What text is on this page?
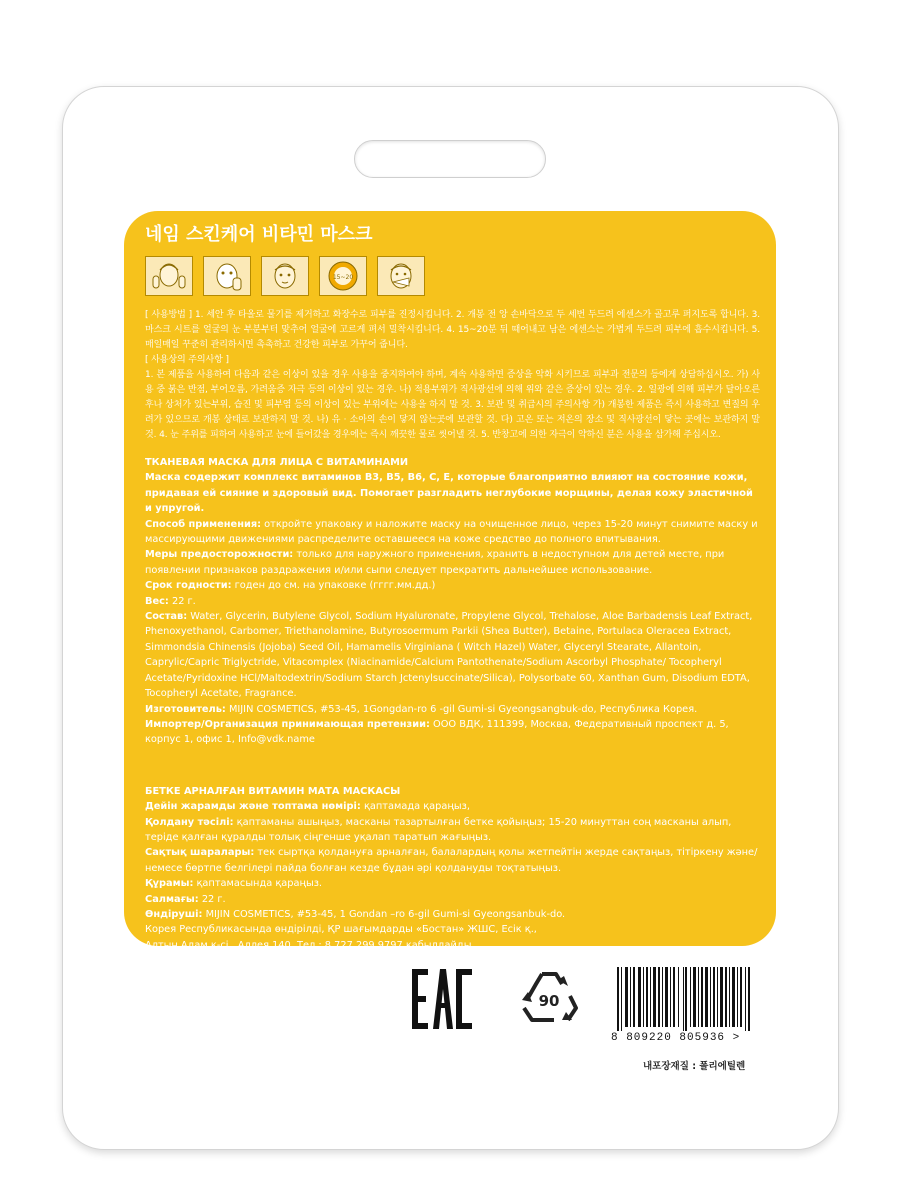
네임 스킨케어 비타민 마스크
15~20

[ 사용방법 ] 1. 세안 후 타올로 물기를 제거하고 화장수로 피부를 진정시킵니다. 2. 개봉 전 앙 손바닥으로 두 세번 두드려 에센스가 골고루 퍼지도록 합니다. 3. 마스크 시트를 얼굴의 눈 부분부터 맞추어 얼굴에 고르게 펴서 밀착시킵니다. 4. 15~20분 뒤 때어내고 남은 에센스는 가볍게 두드려 피부에 흡수시킵니다. 5. 매일매일 꾸준히 관리하시면 촉촉하고 건강한 피부로 가꾸어 줍니다.

[ 사용상의 주의사항 ]

1. 본 제품을 사용하여 다음과 같은 이상이 있을 경우 사용을 중지하여야 하며, 계속 사용하면 증상을 악화 시키므로 피부과 전문의 등에게 상담하십시오. 가) 사용 중 붉은 반점, 부어오름, 가려움증 자극 등의 이상이 있는 경우. 나) 적용부위가 직사광선에 의해 위와 같은 증상이 있는 경우. 2. 일광에 의해 피부가 달아오른 후나 상처가 있는부위, 습진 및 피부염 등의 이상이 있는 부위에는 사용을 하지 말 것. 3. 보관 및 취급시의 주의사항 가) 개봉한 제품은 즉시 사용하고 변질의 우려가 있으므로 개봉 상태로 보관하지 말 것. 나) 유 · 소아의 손이 닿지 않는곳에 보관할 것. 다) 고온 또는 저온의 장소 및 직사광선이 닿는 곳에는 보관하지 말 것. 4. 눈 주위를 피하여 사용하고 눈에 들어갔을 경우에는 즉시 깨끗한 물로 씻어낼 것. 5. 반창고에 의한 자극이 약하신 분은 사용을 삼가해 주십시오.

ТКАНЕВАЯ МАСКА ДЛЯ ЛИЦА С ВИТАМИНАМИ

Маска содержит комплекс витаминов В3, В5, В6, С, Е, которые благоприятно влияют на состояние кожи, придавая ей сияние и здоровый вид. Помогает разгладить неглубокие морщины, делая кожу эластичной и упругой.

Способ применения: откройте упаковку и наложите маску на очищенное лицо, через 15-20 минут снимите маску и массирующими движениями распределите оставшееся на коже средство до полного впитывания.

Меры предосторожности: только для наружного применения, хранить в недоступном для детей месте, при появлении признаков раздражения и/или сыпи следует прекратить дальнейшее использование.

Срок годности: годен до см. на упаковке (гггг.мм.дд.)

Вес: 22 г.

Состав: Water, Glycerin, Butylene Glycol, Sodium Hyaluronate, Propylene Glycol, Trehalose, Aloe Barbadensis Leaf Extract, Phenoxyethanol, Carbomer, Triethanolamine, Butyrosoermum Parkii (Shea Butter), Betaine, Portulaca Oleracea Extract, Simmondsia Chinensis (Jojoba) Seed Oil, Hamamelis Virginiana ( Witch Hazel) Water, Glyceryl Stearate, Allantoin, Caprylic/Capric Triglyctride, Vitacomplex (Niacinamide/Calcium Pantothenate/Sodium Ascorbyl Phosphate/ Tocopheryl Acetate/Pyridoxine HCl/Maltodextrin/Sodium Starch Jctenylsuccinate/Silica), Polysorbate 60, Xanthan Gum, Disodium EDTA, Tocopheryl Acetate, Fragrance.

Изготовитель: MIJIN COSMETICS, #53-45, 1Gongdan-ro 6 -gil Gumi-si Gyeongsangbuk-do, Республика Корея.

Импортер/Организация принимающая претензии: ООО ВДК, 111399, Москва, Федеративный проспект д. 5, корпус 1, офис 1, Info@vdk.name

БЕТКЕ АРНАЛҒАН ВИТАМИН МАТА МАСКАСЫ

Дейін жарамды және топтама нөмірі: қаптамада қараңыз,

Қолдану тәсілі: қаптаманы ашыңыз, масканы тазартылған бетке қойыңыз; 15-20 минуттан соң масканы алып, теріде қалған құралды толық сіңгенше уқалап таратып жағыңыз.

Сақтық шаралары: тек сыртқа қолдануға арналған, балалардың қолы жетпейтін жерде сақтаңыз, тітіркену және/немесе бөртпе белгілері пайда болған кезде бұдан әрі қолдануды тоқтатыңыз.

Құрамы: қаптамасында қараңыз.

Салмағы: 22 г.

Өндіруші: MIJIN COSMETICS, #53-45, 1 Gondan –ro 6-gil Gumi-si Gyeongsanbuk-do.

Корея Республикасында өндірілді, ҚР шағымдарды «Бостан» ЖШС, Есік қ.,

Алтын Адам к-сі., Аллея 140. Тел.: 8 727 299 9797 қабылдайды.

Претензии в РК принимает ТОО "Бостан", г. Иссык, ул. Алтын адама аллея 140,

Тел.: 8 727 299 97 108

90
8 809220 805936 >
내포장재질 : 폴리에틸렌
